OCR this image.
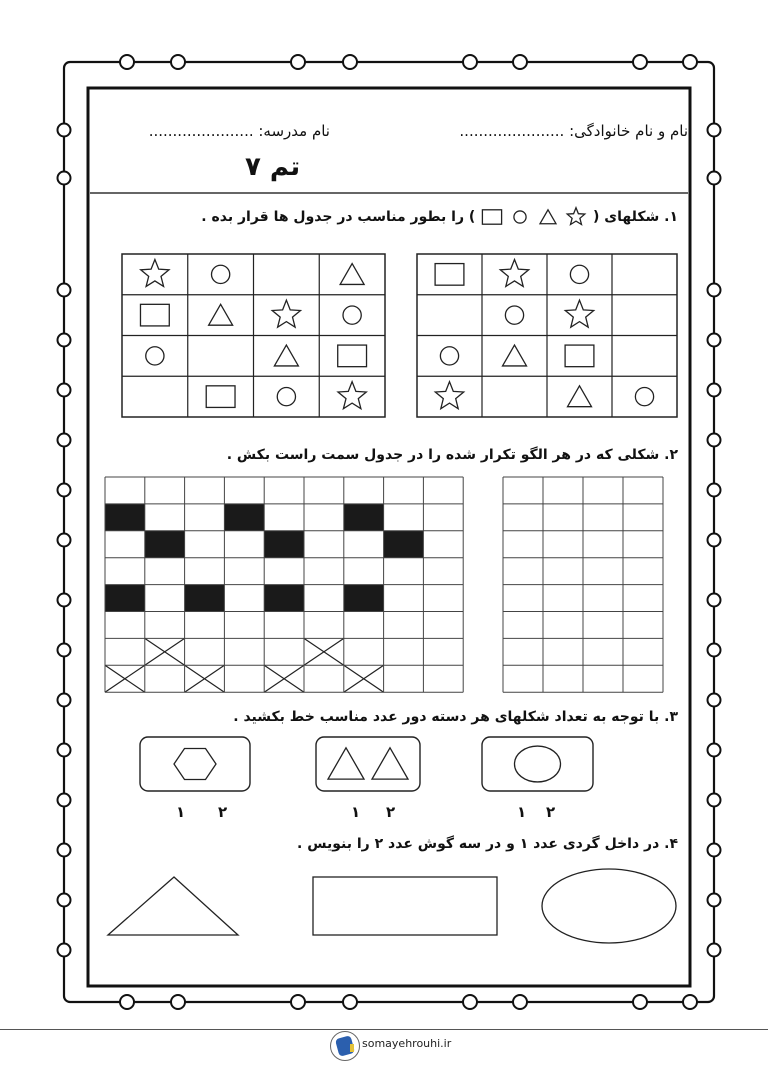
نام و نام خانوادگی: ......................
نام مدرسه: ......................
تم ۷
۱. شکلهای (
) را بطور مناسب در جدول ها قرار بده .
۲. شکلی که در هر الگو تکرار شده را در جدول سمت راست بکش .
۳. با توجه به تعداد شکلهای هر دسته دور عدد مناسب خط بکشید .
۴. در داخل گردی عدد ۱ و در سه گوش عدد ۲ را بنویس .
۱ ۲	۱ ۲	۱ ۲
somayehrouhi.ir
